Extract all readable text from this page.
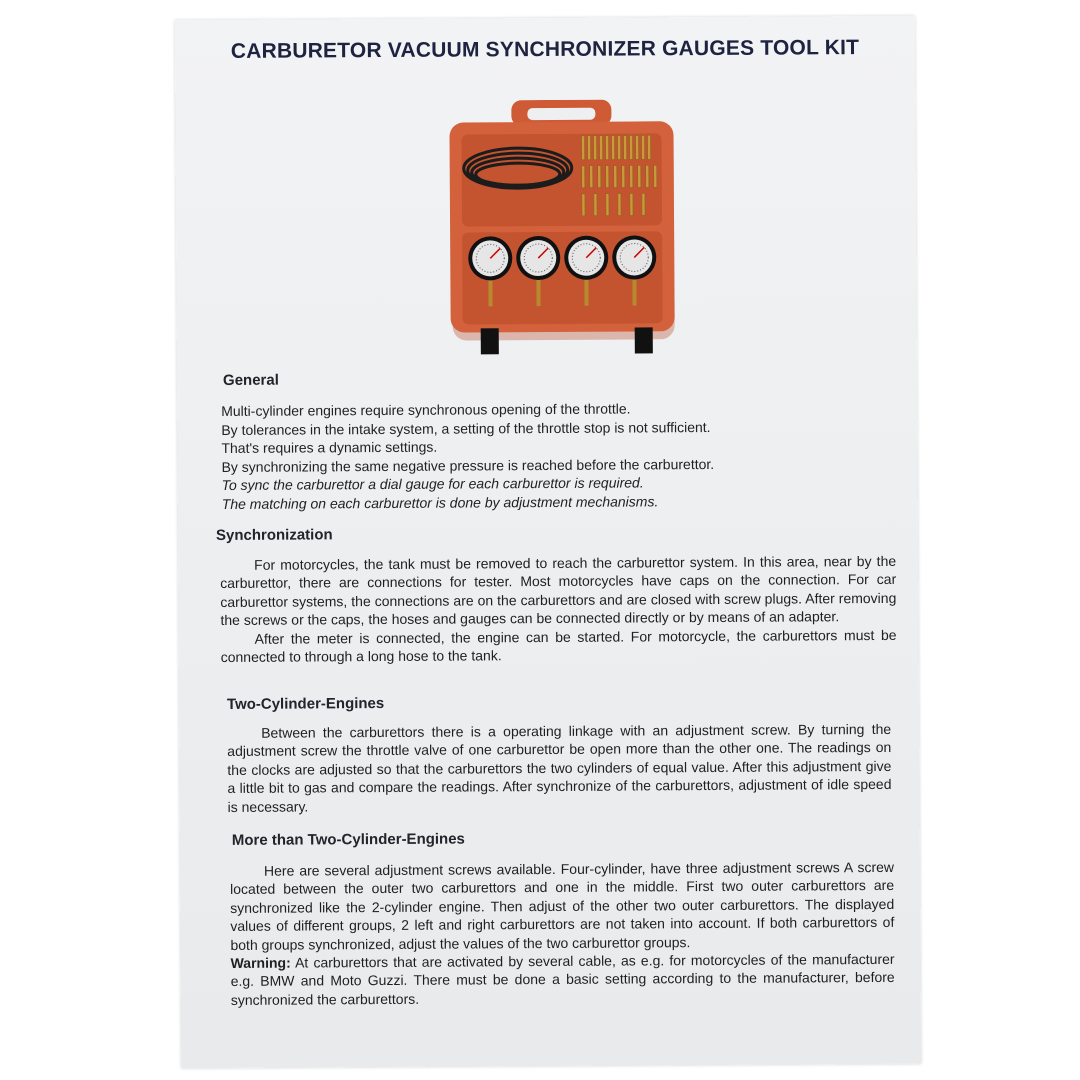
CARBURETOR VACUUM SYNCHRONIZER GAUGES TOOL KIT
General
Multi-cylinder engines require synchronous opening of the throttle.
By tolerances in the intake system, a setting of the throttle stop is not sufficient.
That's requires a dynamic settings.
By synchronizing the same negative pressure is reached before the carburettor.
To sync the carburettor a dial gauge for each carburettor is required.
The matching on each carburettor is done by adjustment mechanisms.
Synchronization

For motorcycles, the tank must be removed to reach the carburettor system. In this area, near by the carburettor, there are connections for tester. Most motorcycles have caps on the connection. For car carburettor systems, the connections are on the carburettors and are closed with screw plugs. After removing the screws or the caps, the hoses and gauges can be connected directly or by means of an adapter.

After the meter is connected, the engine can be started. For motorcycle, the carburettors must be connected to through a long hose to the tank.

Two-Cylinder-Engines

Between the carburettors there is a operating linkage with an adjustment screw. By turning the adjustment screw the throttle valve of one carburettor be open more than the other one. The readings on the clocks are adjusted so that the carburettors the two cylinders of equal value. After this adjustment give a little bit to gas and compare the readings. After synchronize of the carburettors, adjustment of idle speed is necessary.

More than Two-Cylinder-Engines

Here are several adjustment screws available. Four-cylinder, have three adjustment screws A screw located between the outer two carburettors and one in the middle. First two outer carburettors are synchronized like the 2-cylinder engine. Then adjust of the other two outer carburettors. The displayed values of different groups, 2 left and right carburettors are not taken into account. If both carburettors of both groups synchronized, adjust the values of the two carburettor groups.

Warning: At carburettors that are activated by several cable, as e.g. for motorcycles of the manufacturer e.g. BMW and Moto Guzzi. There must be done a basic setting according to the manufacturer, before synchronized the carburettors.
